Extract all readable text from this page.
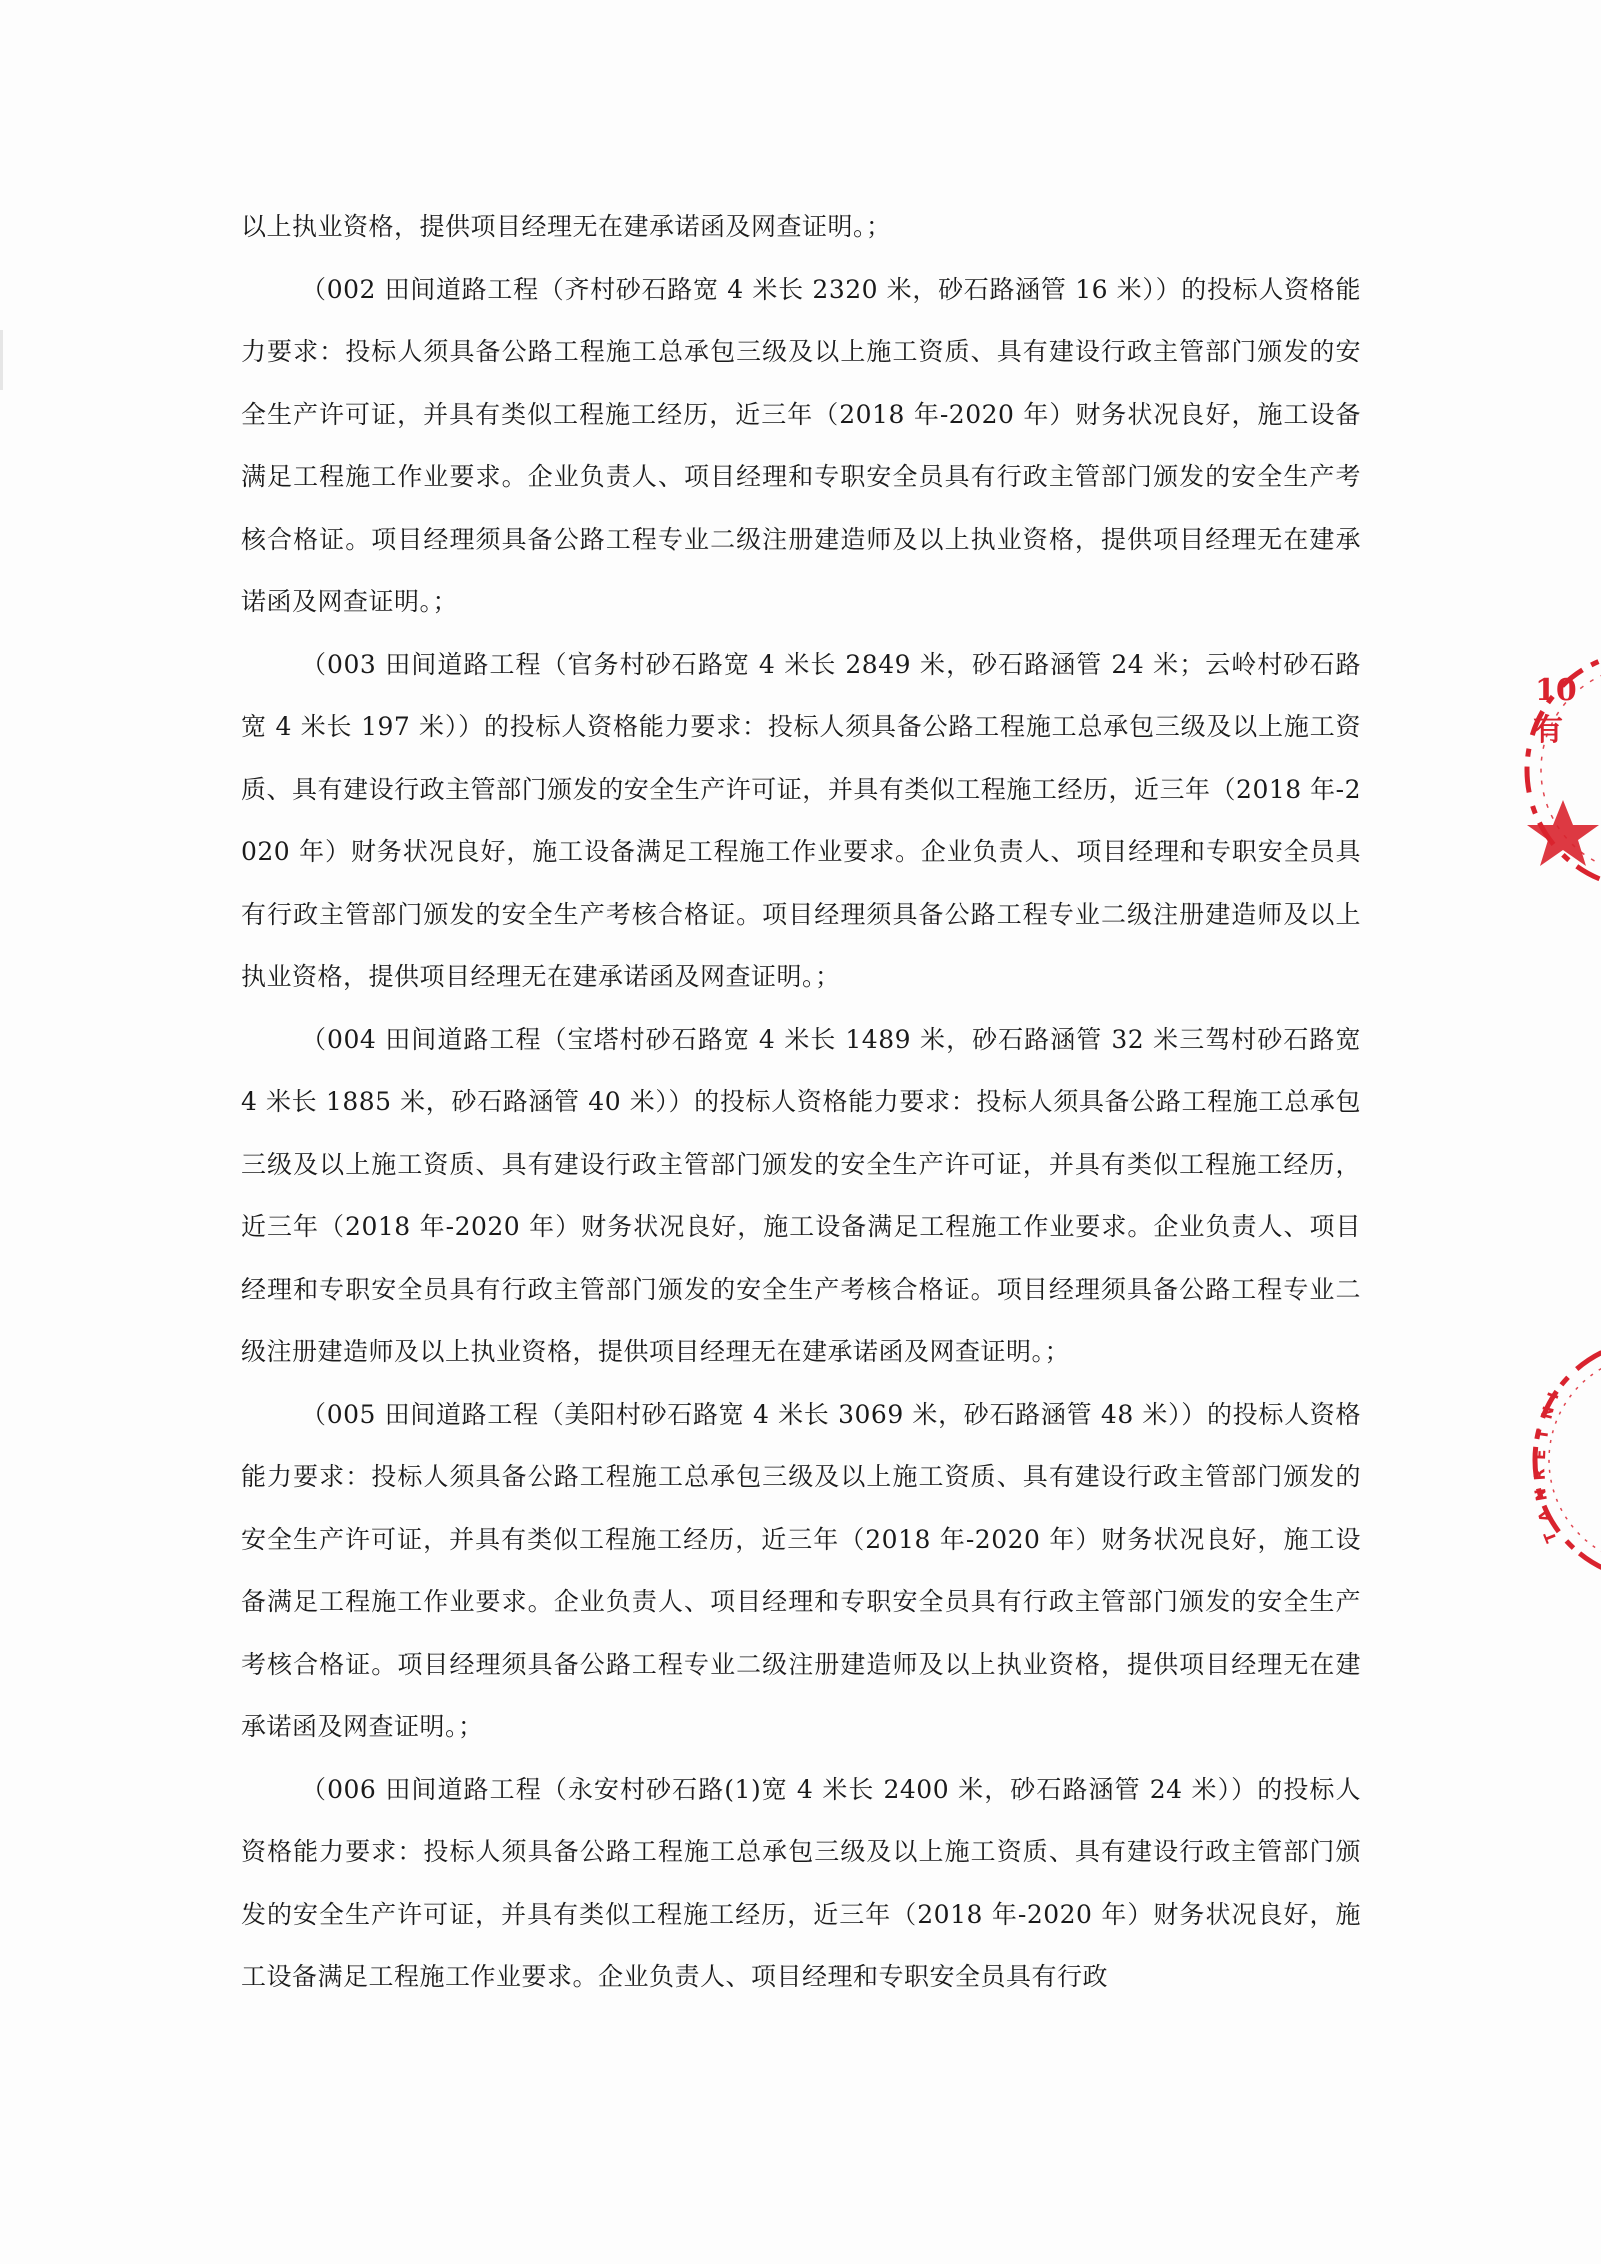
以上执业资格，提供项目经理无在建承诺函及网查证明。；

（002 田间道路工程（齐村砂石路宽 4 米长 2320 米，砂石路涵管 16 米））的投标人资格能力要求：投标人须具备公路工程施工总承包三级及以上施工资质、具有建设行政主管部门颁发的安全生产许可证，并具有类似工程施工经历，近三年（2018 年-2020 年）财务状况良好，施工设备满足工程施工作业要求。企业负责人、项目经理和专职安全员具有行政主管部门颁发的安全生产考核合格证。项目经理须具备公路工程专业二级注册建造师及以上执业资格，提供项目经理无在建承诺函及网查证明。；

（003 田间道路工程（官务村砂石路宽 4 米长 2849 米，砂石路涵管 24 米；云岭村砂石路宽 4 米长 197 米））的投标人资格能力要求：投标人须具备公路工程施工总承包三级及以上施工资质、具有建设行政主管部门颁发的安全生产许可证，并具有类似工程施工经历，近三年（2018 年-2020 年）财务状况良好，施工设备满足工程施工作业要求。企业负责人、项目经理和专职安全员具有行政主管部门颁发的安全生产考核合格证。项目经理须具备公路工程专业二级注册建造师及以上执业资格，提供项目经理无在建承诺函及网查证明。；

（004 田间道路工程（宝塔村砂石路宽 4 米长 1489 米，砂石路涵管 32 米三驾村砂石路宽 4 米长 1885 米，砂石路涵管 40 米））的投标人资格能力要求：投标人须具备公路工程施工总承包三级及以上施工资质、具有建设行政主管部门颁发的安全生产许可证，并具有类似工程施工经历，近三年（2018 年-2020 年）财务状况良好，施工设备满足工程施工作业要求。企业负责人、项目经理和专职安全员具有行政主管部门颁发的安全生产考核合格证。项目经理须具备公路工程专业二级注册建造师及以上执业资格，提供项目经理无在建承诺函及网查证明。；

（005 田间道路工程（美阳村砂石路宽 4 米长 3069 米，砂石路涵管 48 米））的投标人资格能力要求：投标人须具备公路工程施工总承包三级及以上施工资质、具有建设行政主管部门颁发的安全生产许可证，并具有类似工程施工经历，近三年（2018 年-2020 年）财务状况良好，施工设备满足工程施工作业要求。企业负责人、项目经理和专职安全员具有行政主管部门颁发的安全生产考核合格证。项目经理须具备公路工程专业二级注册建造师及以上执业资格，提供项目经理无在建承诺函及网查证明。；

（006 田间道路工程（永安村砂石路(1)宽 4 米长 2400 米，砂石路涵管 24 米））的投标人资格能力要求：投标人须具备公路工程施工总承包三级及以上施工资质、具有建设行政主管部门颁发的安全生产许可证，并具有类似工程施工经历，近三年（2018 年-2020 年）财务状况良好，施工设备满足工程施工作业要求。企业负责人、项目经理和专职安全员具有行政

10
有
I
N
T
E
R
N
A
T
